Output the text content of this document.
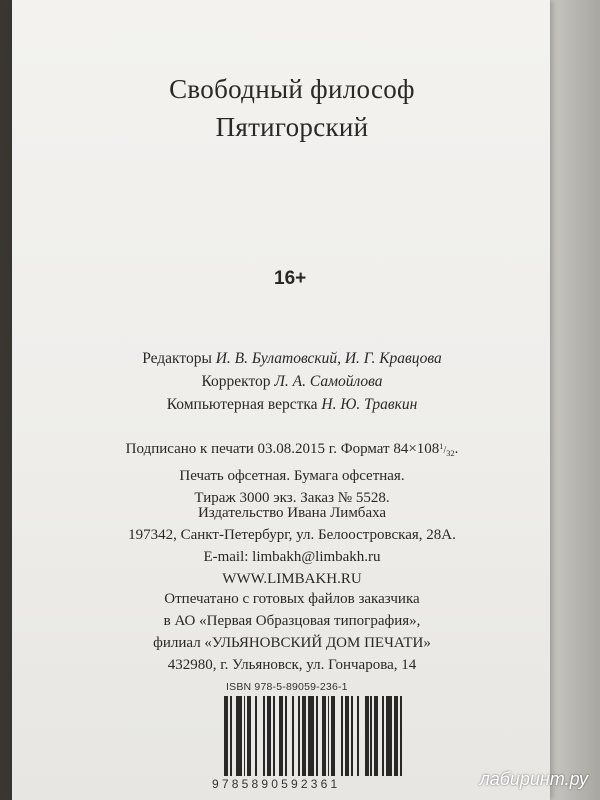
Свободный философ
Пятигорский
16+
Редакторы И. В. Булатовский, И. Г. Кравцова
Корректор Л. А. Самойлова
Компьютерная верстка Н. Ю. Травкин
Подписано к печати 03.08.2015 г. Формат $84\times 108^1/_{32}$.
Печать офсетная. Бумага офсетная.
Тираж 3000 экз. Заказ № 5528.
Издательство Ивана Лимбаха
197342, Санкт-Петербург, ул. Белоостровская, 28А.
E-mail: limbakh@limbakh.ru
WWW.LIMBAKH.RU
Отпечатано с готовых файлов заказчика
в АО «Первая Образцовая типография»,
филиал «УЛЬЯНОВСКИЙ ДОМ ПЕЧАТИ»
432980, г. Ульяновск, ул. Гончарова, 14
ISBN 978-5-89059-236-1
9785890592361	лабиринт.ру
